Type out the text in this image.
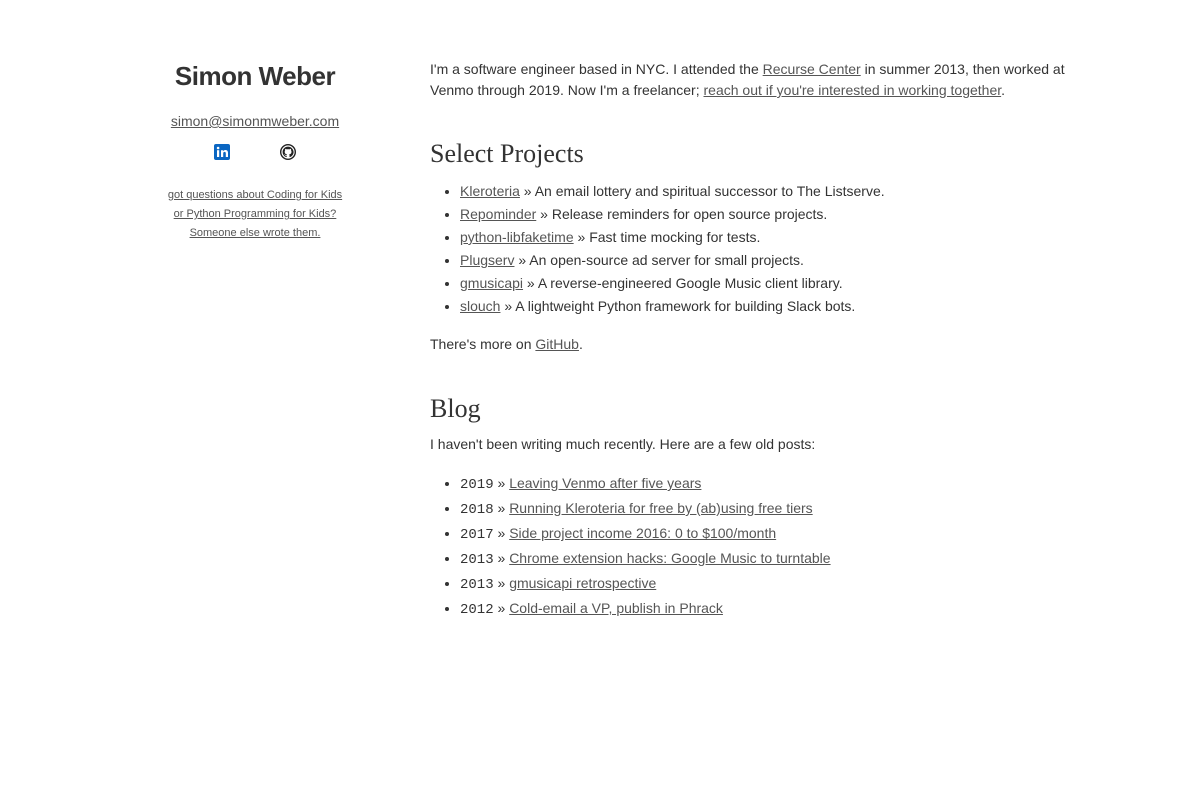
Simon Weber
simon@simonmweber.com
got questions about Coding for Kids
or Python Programming for Kids?
Someone else wrote them.

I'm a software engineer based in NYC. I attended the Recurse Center in summer 2013, then worked at Venmo through 2019. Now I'm a freelancer; reach out if you're interested in working together.

Select Projects
• Kleroteria » An email lottery and spiritual successor to The Listserve.
• Repominder » Release reminders for open source projects.
• python-libfaketime » Fast time mocking for tests.
• Plugserv » An open-source ad server for small projects.
• gmusicapi » A reverse-engineered Google Music client library.
• slouch » A lightweight Python framework for building Slack bots.

There's more on GitHub.

Blog

I haven't been writing much recently. Here are a few old posts:

• 2019 » Leaving Venmo after five years
• 2018 » Running Kleroteria for free by (ab)using free tiers
• 2017 » Side project income 2016: 0 to $100/month
• 2013 » Chrome extension hacks: Google Music to turntable
• 2013 » gmusicapi retrospective
• 2012 » Cold-email a VP, publish in Phrack
